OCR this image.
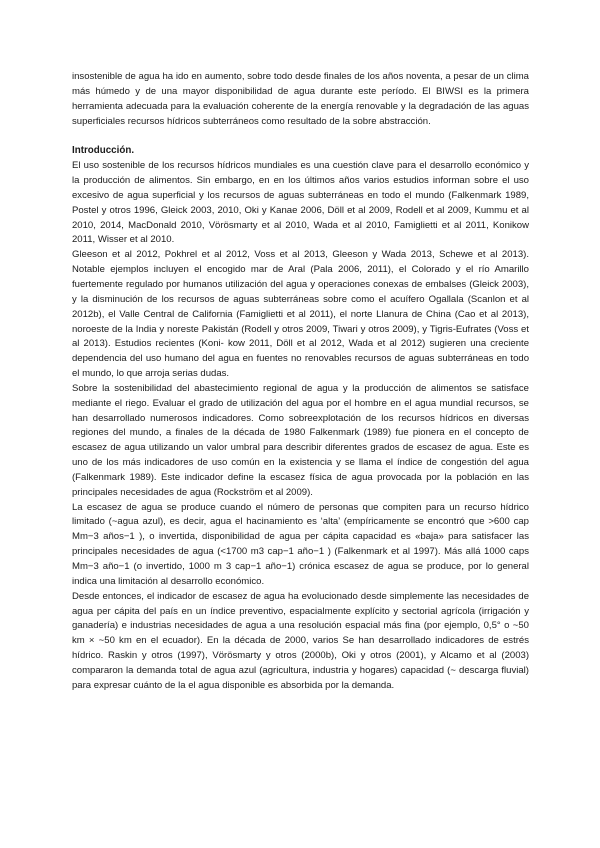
insostenible de agua ha ido en aumento, sobre todo desde finales de los años noventa, a pesar de un clima más húmedo y de una mayor disponibilidad de agua durante este período. El BIWSI es la primera herramienta adecuada para la evaluación coherente de la energía renovable y la degradación de las aguas superficiales recursos hídricos subterráneos como resultado de la sobre abstracción.

Introducción.

El uso sostenible de los recursos hídricos mundiales es una cuestión clave para el desarrollo económico y la producción de alimentos. Sin embargo, en en los últimos años varios estudios informan sobre el uso excesivo de agua superficial y los recursos de aguas subterráneas en todo el mundo (Falkenmark 1989, Postel y otros 1996, Gleick 2003, 2010, Oki y Kanae 2006, Döll et al 2009, Rodell et al 2009, Kummu et al 2010, 2014, MacDonald 2010, Vörösmarty et al 2010, Wada et al 2010, Famiglietti et al 2011, Konikow 2011, Wisser et al 2010.

Gleeson et al 2012, Pokhrel et al 2012, Voss et al 2013, Gleeson y Wada 2013, Schewe et al 2013). Notable ejemplos incluyen el encogido mar de Aral (Pala 2006, 2011), el Colorado y el río Amarillo fuertemente regulado por humanos utilización del agua y operaciones conexas de embalses (Gleick 2003), y la disminución de los recursos de aguas subterráneas sobre como el acuífero Ogallala (Scanlon et al 2012b), el Valle Central de California (Famiglietti et al 2011), el norte Llanura de China (Cao et al 2013), noroeste de la India y noreste Pakistán (Rodell y otros 2009, Tiwari y otros 2009), y Tigris-Eufrates (Voss et al 2013). Estudios recientes (Koni- kow 2011, Döll et al 2012, Wada et al 2012) sugieren una creciente dependencia del uso humano del agua en fuentes no renovables recursos de aguas subterráneas en todo el mundo, lo que arroja serias dudas.

Sobre la sostenibilidad del abastecimiento regional de agua y la producción de alimentos se satisface mediante el riego. Evaluar el grado de utilización del agua por el hombre en el agua mundial recursos, se han desarrollado numerosos indicadores. Como sobreexplotación de los recursos hídricos en diversas regiones del mundo, a finales de la década de 1980 Falkenmark (1989) fue pionera en el concepto de escasez de agua utilizando un valor umbral para describir diferentes grados de escasez de agua. Este es uno de los más indicadores de uso común en la existencia y se llama el índice de congestión del agua (Falkenmark 1989). Este indicador define la escasez física de agua provocada por la población en las principales necesidades de agua (Rockström et al 2009).

La escasez de agua se produce cuando el número de personas que compiten para un recurso hídrico limitado (~agua azul), es decir, agua el hacinamiento es ‘alta’ (empíricamente se encontró que >600 cap Mm−3 años−1 ), o invertida, disponibilidad de agua per cápita capacidad es «baja» para satisfacer las principales necesidades de agua (<1700 m3 cap−1 año−1 ) (Falkenmark et al 1997). Más allá 1000 caps Mm−3 año−1 (o invertido, 1000 m 3 cap−1 año−1) crónica escasez de agua se produce, por lo general indica una limitación al desarrollo económico.

Desde entonces, el indicador de escasez de agua ha evolucionado desde simplemente las necesidades de agua per cápita del país en un índice preventivo, espacialmente explícito y sectorial agrícola (irrigación y ganadería) e industrias necesidades de agua a una resolución espacial más fina (por ejemplo, 0,5° o ~50 km × ~50 km en el ecuador). En la década de 2000, varios Se han desarrollado indicadores de estrés hídrico. Raskin y otros (1997), Vörösmarty y otros (2000b), Oki y otros (2001), y Alcamo et al (2003) compararon la demanda total de agua azul (agricultura, industria y hogares) capacidad (~ descarga fluvial) para expresar cuánto de la el agua disponible es absorbida por la demanda.
